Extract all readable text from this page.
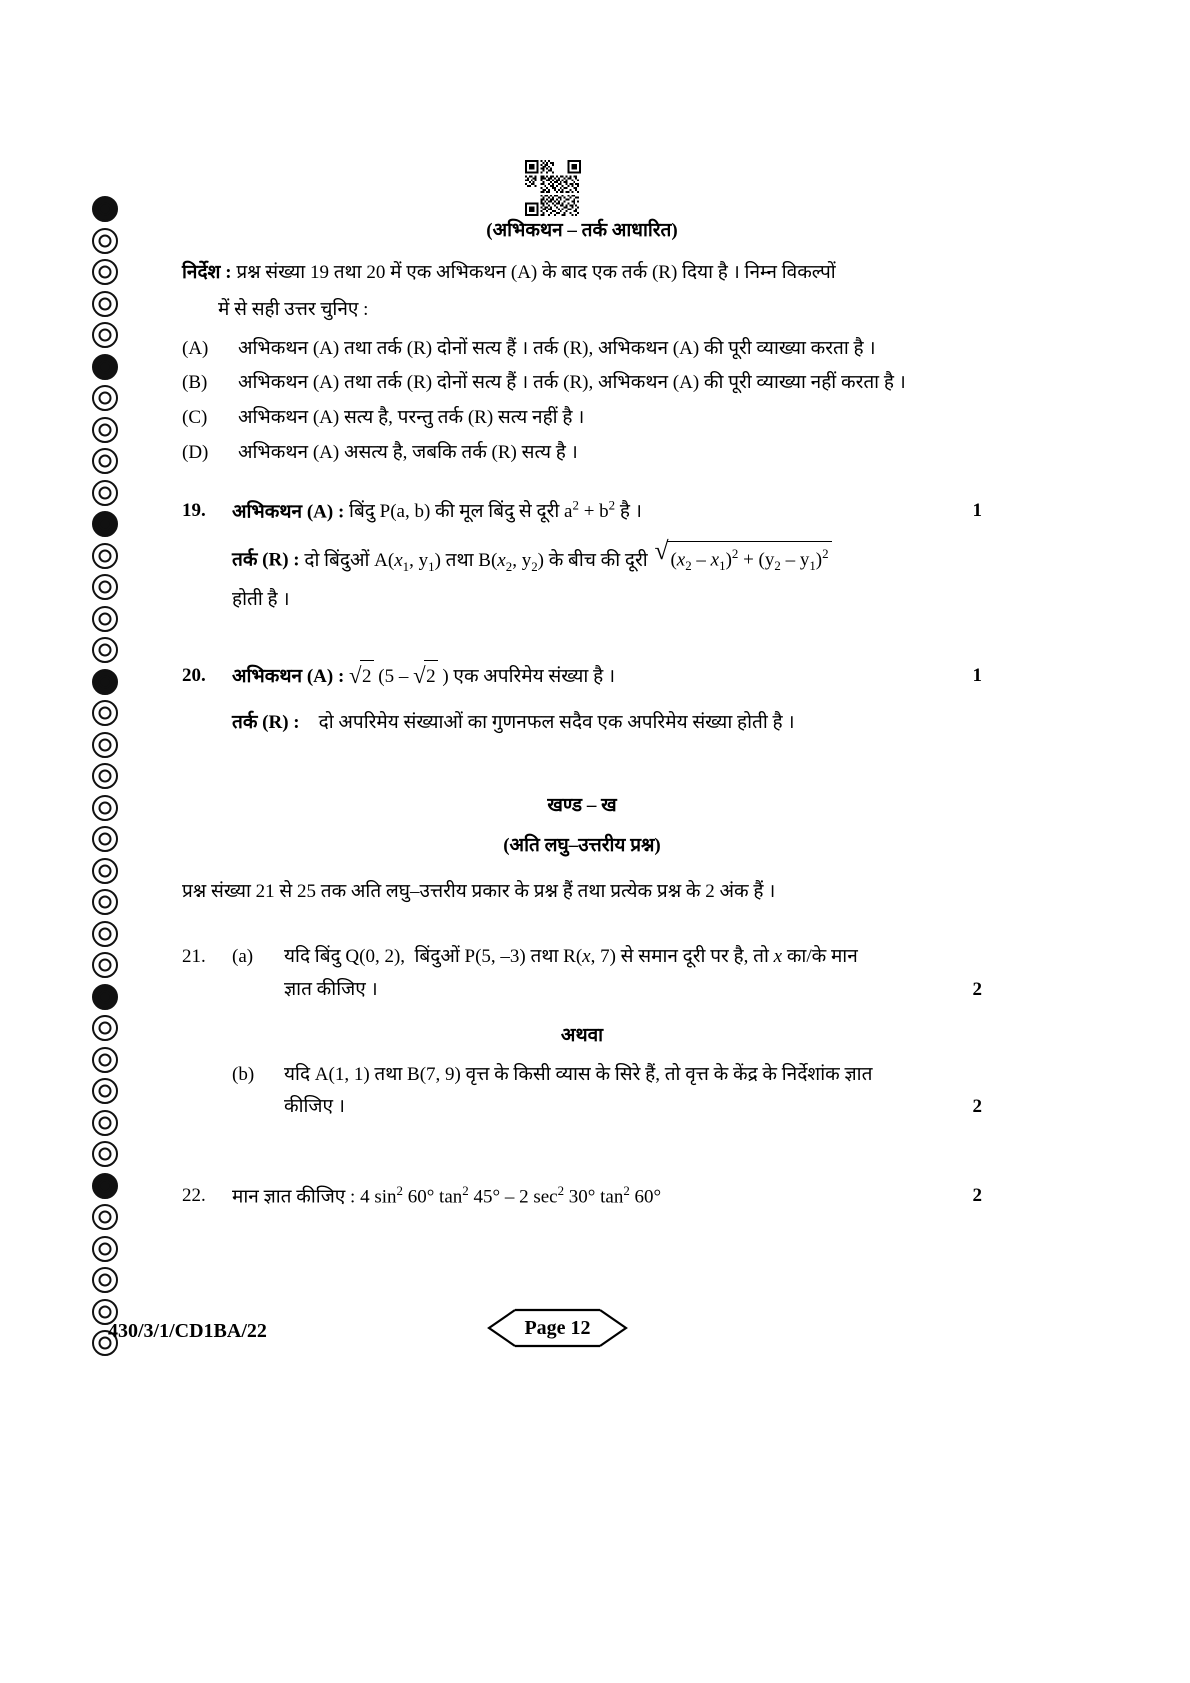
(अभिकथन – तर्क आधारित)
निर्देश : प्रश्न संख्या 19 तथा 20 में एक अभिकथन (A) के बाद एक तर्क (R) दिया है । निम्न विकल्पों
में से सही उत्तर चुनिए :
(A)	अभिकथन (A) तथा तर्क (R) दोनों सत्य हैं । तर्क (R), अभिकथन (A) की पूरी व्याख्या करता है ।
(B)	अभिकथन (A) तथा तर्क (R) दोनों सत्य हैं । तर्क (R), अभिकथन (A) की पूरी व्याख्या नहीं करता है ।
(C)	अभिकथन (A) सत्य है, परन्तु तर्क (R) सत्य नहीं है ।
(D)	अभिकथन (A) असत्य है, जबकि तर्क (R) सत्य है ।
19.	अभिकथन (A) : बिंदु P(a, b) की मूल बिंदु से दूरी $a^2 + b^2$ है ।
तर्क (R) : दो बिंदुओं $A(x_1$, $y_1$) तथा $B(x_2$, $y_2$) के बीच की दूरी √ $(x_2 - x_1)^2 + (y_2 - y_1)^2$
होती है ।
1
20.	अभिकथन (A) : √ 2 (5 – √ 2 ) एक अपरिमेय संख्या है ।
तर्क (R) : दो अपरिमेय संख्याओं का गुणनफल सदैव एक अपरिमेय संख्या होती है ।
1
खण्ड – ख
(अति लघु–उत्तरीय प्रश्न)
प्रश्न संख्या 21 से 25 तक अति लघु–उत्तरीय प्रकार के प्रश्न हैं तथा प्रत्येक प्रश्न के 2 अंक हैं ।
21.	(a)	यदि बिंदु Q(0, 2),  बिंदुओं P(5, –3) तथा R(x, 7) से समान दूरी पर है, तो x का/के मान
ज्ञात कीजिए ।	2
अथवा
(b)	यदि A(1, 1) तथा B(7, 9) वृत्त के किसी व्यास के सिरे हैं, तो वृत्त के केंद्र के निर्देशांक ज्ञात
कीजिए ।	2
22.	मान ज्ञात कीजिए : 4 $\sin^2 60^\circ$ $\tan^2 45^\circ - 2$ $\sec^2 30^\circ$ $\tan^2 60^\circ$	2
430/3/1/CD1BA/22	Page 12
